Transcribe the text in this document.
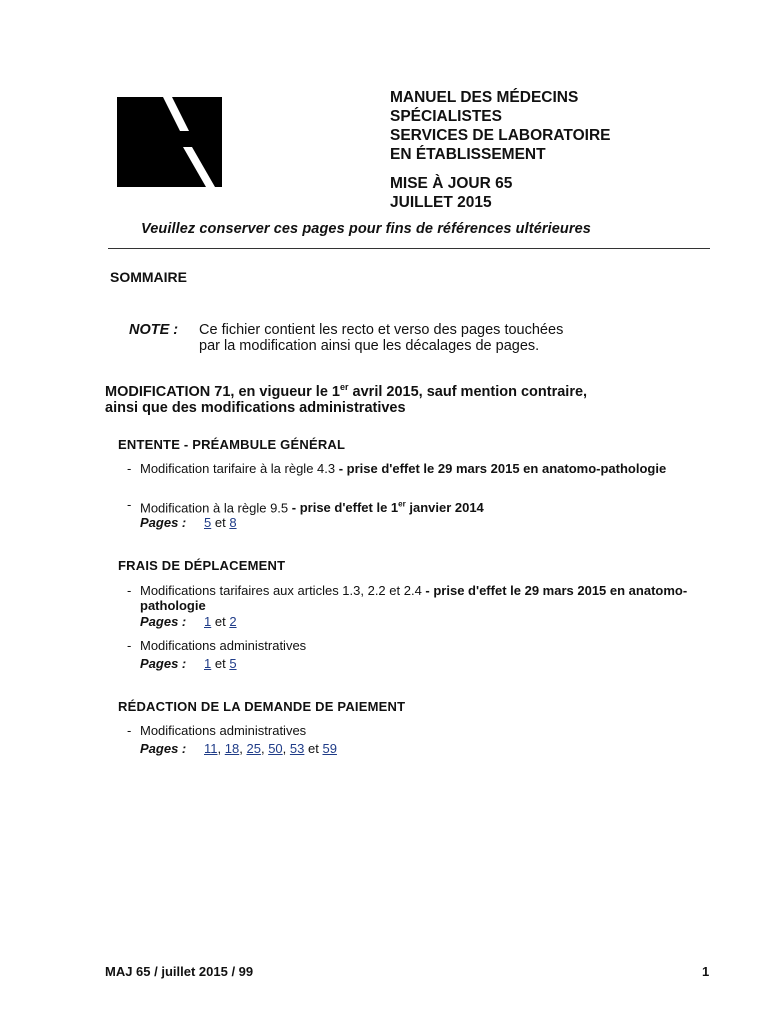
MANUEL DES MÉDECINS
SPÉCIALISTES
SERVICES DE LABORATOIRE
EN ÉTABLISSEMENT
MISE À JOUR 65
JUILLET 2015
Veuillez conserver ces pages pour fins de références ultérieures
SOMMAIRE
NOTE : Ce fichier contient les recto et verso des pages touchées
par la modification ainsi que les décalages de pages.
MODIFICATION 71, en vigueur le 1er avril 2015, sauf mention contraire,
ainsi que des modifications administratives
ENTENTE - PRÉAMBULE GÉNÉRAL
- Modification tarifaire à la règle 4.3 - prise d'effet le 29 mars 2015 en anatomo-pathologie
- Modification à la règle 9.5 - prise d'effet le 1er janvier 2014
Pages : 5 et 8
FRAIS DE DÉPLACEMENT
- Modifications tarifaires aux articles 1.3, 2.2 et 2.4 - prise d'effet le 29 mars 2015 en anatomo-pathologie
Pages : 1 et 2
- Modifications administratives
Pages : 1 et 5
RÉDACTION DE LA DEMANDE DE PAIEMENT
- Modifications administratives
Pages : 11, 18, 25, 50, 53 et 59
MAJ 65 / juillet 2015 / 99	1
